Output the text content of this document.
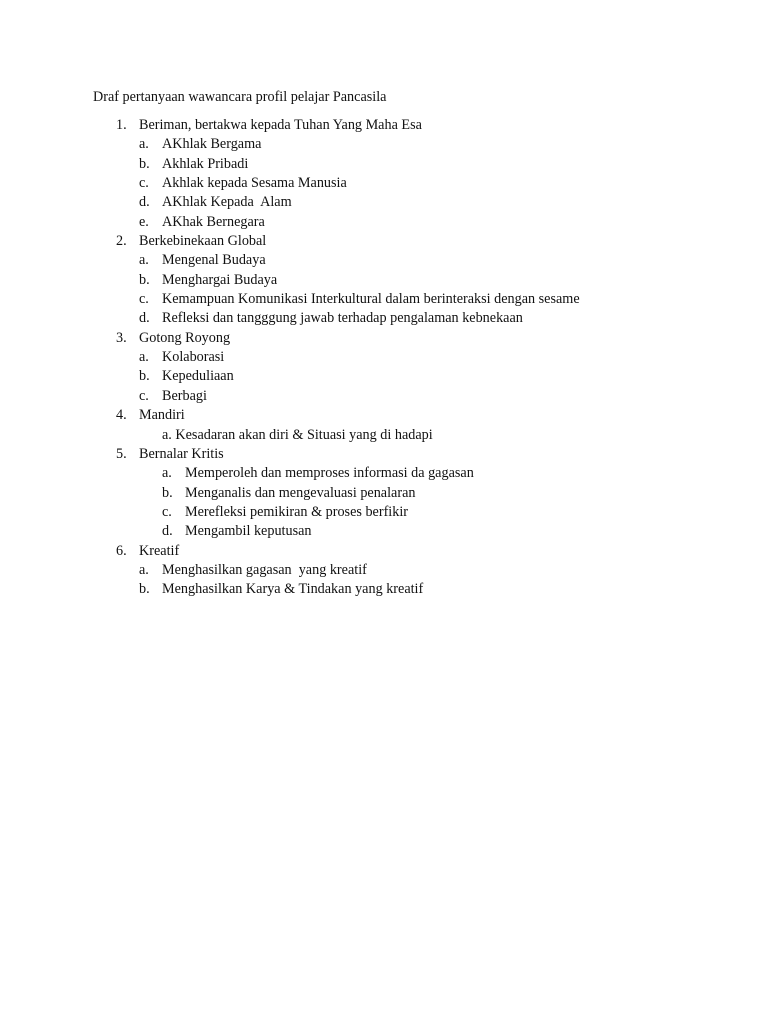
Draf pertanyaan wawancara profil pelajar Pancasila
1. Beriman, bertakwa kepada Tuhan Yang Maha Esa
a. AKhlak Bergama
b. Akhlak Pribadi
c. Akhlak kepada Sesama Manusia
d. AKhlak Kepada  Alam
e. AKhak Bernegara
2. Berkebinekaan Global
a. Mengenal Budaya
b. Menghargai Budaya
c. Kemampuan Komunikasi Interkultural dalam berinteraksi dengan sesame
d. Refleksi dan tangggung jawab terhadap pengalaman kebnekaan
3. Gotong Royong
a. Kolaborasi
b. Kepeduliaan
c. Berbagi
4. Mandiri
a. Kesadaran akan diri & Situasi yang di hadapi
5. Bernalar Kritis
a. Memperoleh dan memproses informasi da gagasan
b. Menganalis dan mengevaluasi penalaran
c. Merefleksi pemikiran & proses berfikir
d. Mengambil keputusan
6. Kreatif
a. Menghasilkan gagasan  yang kreatif
b. Menghasilkan Karya & Tindakan yang kreatif
